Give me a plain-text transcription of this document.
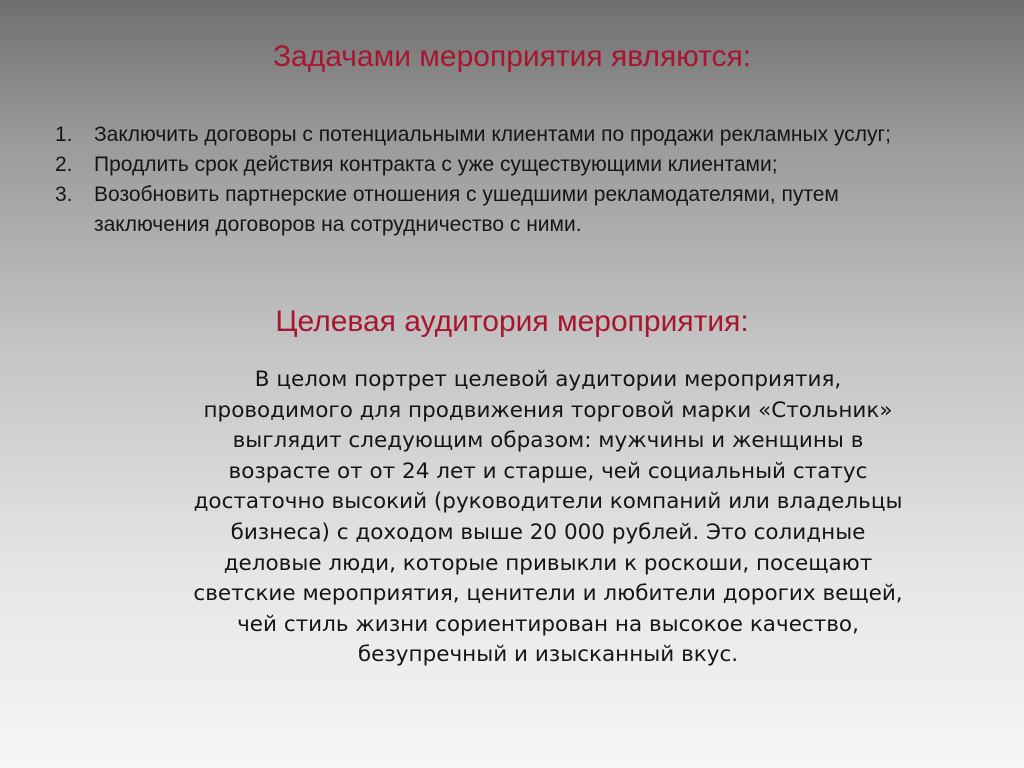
Задачами мероприятия являются:
1.	Заключить договоры с потенциальными клиентами по продажи рекламных услуг;
2.	Продлить срок действия контракта с уже существующими клиентами;
3.	Возобновить партнерские отношения с ушедшими рекламодателями, путем заключения договоров на сотрудничество с ними.
Целевая аудитория мероприятия:

В целом портрет целевой аудитории мероприятия, проводимого для продвижения торговой марки «Стольник» выглядит следующим образом: мужчины и женщины в возрасте от от 24 лет и старше, чей социальный статус достаточно высокий (руководители компаний или владельцы бизнеса) с доходом выше 20 000 рублей. Это солидные деловые люди, которые привыкли к роскоши, посещают светские мероприятия, ценители и любители дорогих вещей, чей стиль жизни сориентирован на высокое качество, безупречный и изысканный вкус.
